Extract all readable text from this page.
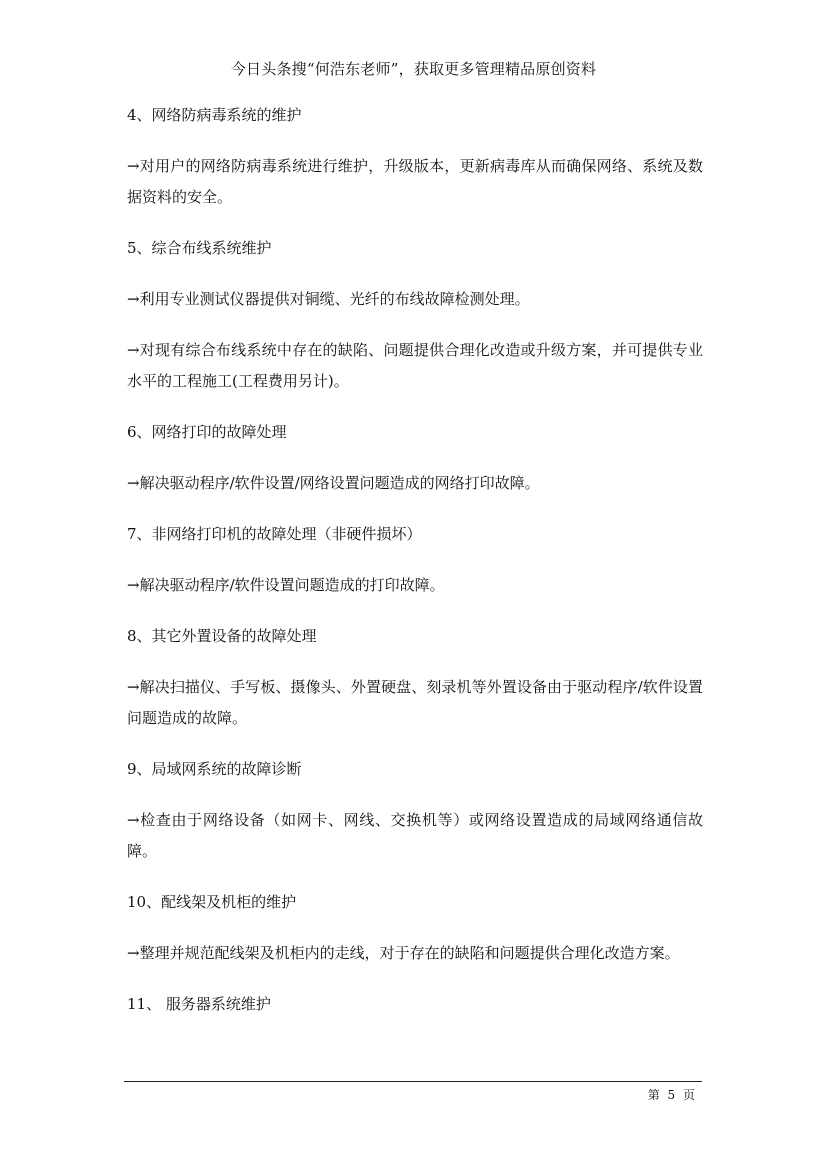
今日头条搜“何浩东老师”，获取更多管理精品原创资料

4、网络防病毒系统的维护

→对用户的网络防病毒系统进行维护，升级版本，更新病毒库从而确保网络、系统及数据资料的安全。

5、综合布线系统维护

→利用专业测试仪器提供对铜缆、光纤的布线故障检测处理。

→对现有综合布线系统中存在的缺陷、问题提供合理化改造或升级方案，并可提供专业水平的工程施工(工程费用另计)。

6、网络打印的故障处理

→解决驱动程序/软件设置/网络设置问题造成的网络打印故障。

7、非网络打印机的故障处理（非硬件损坏）

→解决驱动程序/软件设置问题造成的打印故障。

8、其它外置设备的故障处理

→解决扫描仪、手写板、摄像头、外置硬盘、刻录机等外置设备由于驱动程序/软件设置问题造成的故障。

9、局域网系统的故障诊断

→检查由于网络设备（如网卡、网线、交换机等）或网络设置造成的局域网络通信故障。

10、配线架及机柜的维护

→整理并规范配线架及机柜内的走线，对于存在的缺陷和问题提供合理化改造方案。

11、 服务器系统维护

第 5 页
